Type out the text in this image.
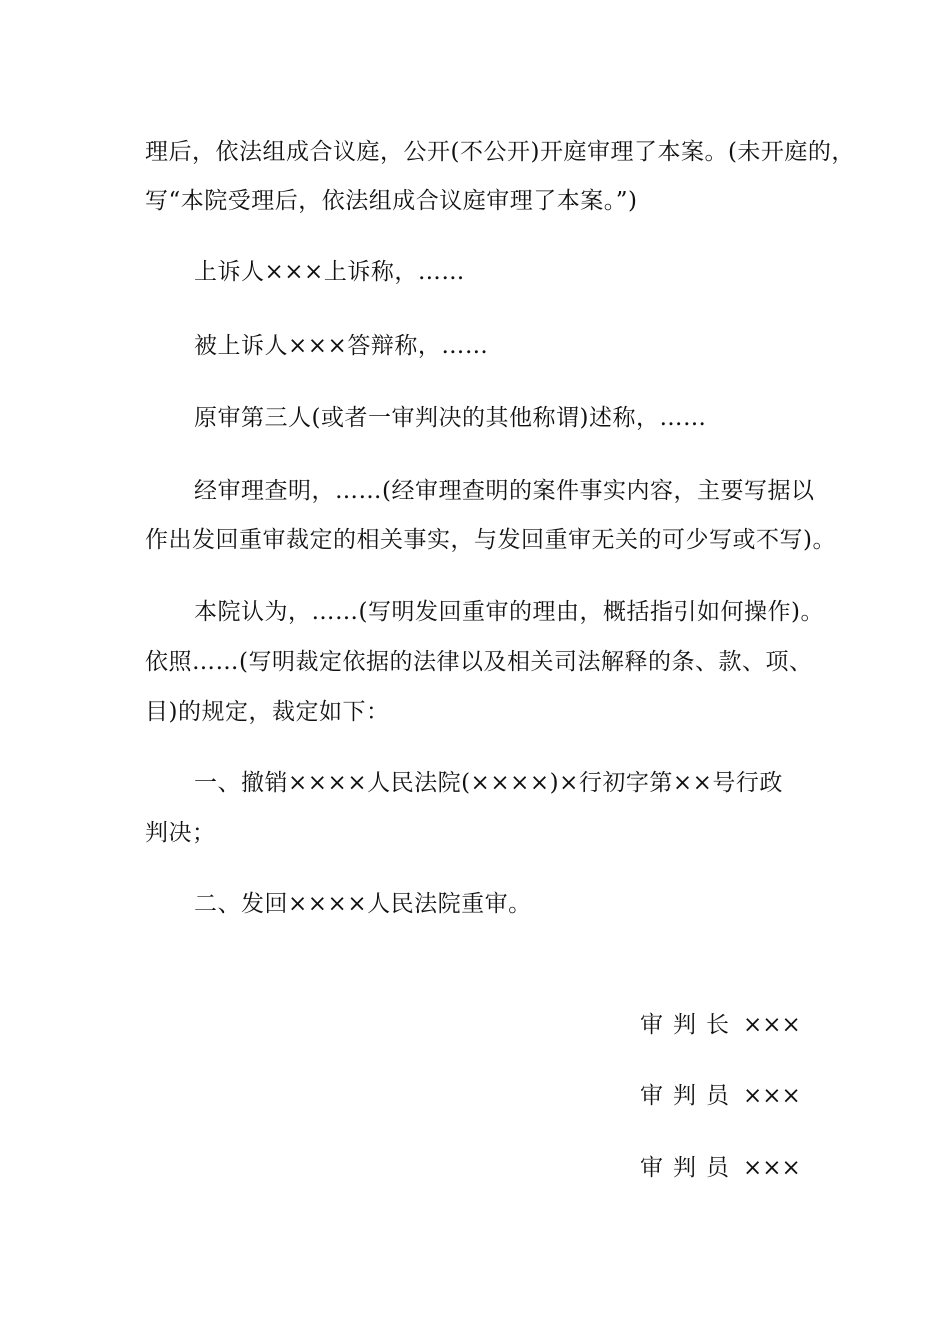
理后，依法组成合议庭，公开(不公开)开庭审理了本案。(未开庭的，
写“本院受理后，依法组成合议庭审理了本案。”)
上诉人×××上诉称，……
被上诉人×××答辩称，……
原审第三人(或者一审判决的其他称谓)述称，……
经审理查明，……(经审理查明的案件事实内容，主要写据以
作出发回重审裁定的相关事实，与发回重审无关的可少写或不写)。
本院认为，……(写明发回重审的理由，概括指引如何操作)。
依照……(写明裁定依据的法律以及相关司法解释的条、款、项、
目)的规定，裁定如下：
一、撤销××××人民法院(××××)×行初字第××号行政
判决；
二、发回××××人民法院重审。
审判长 ×××
审判员 ×××
审判员 ×××
